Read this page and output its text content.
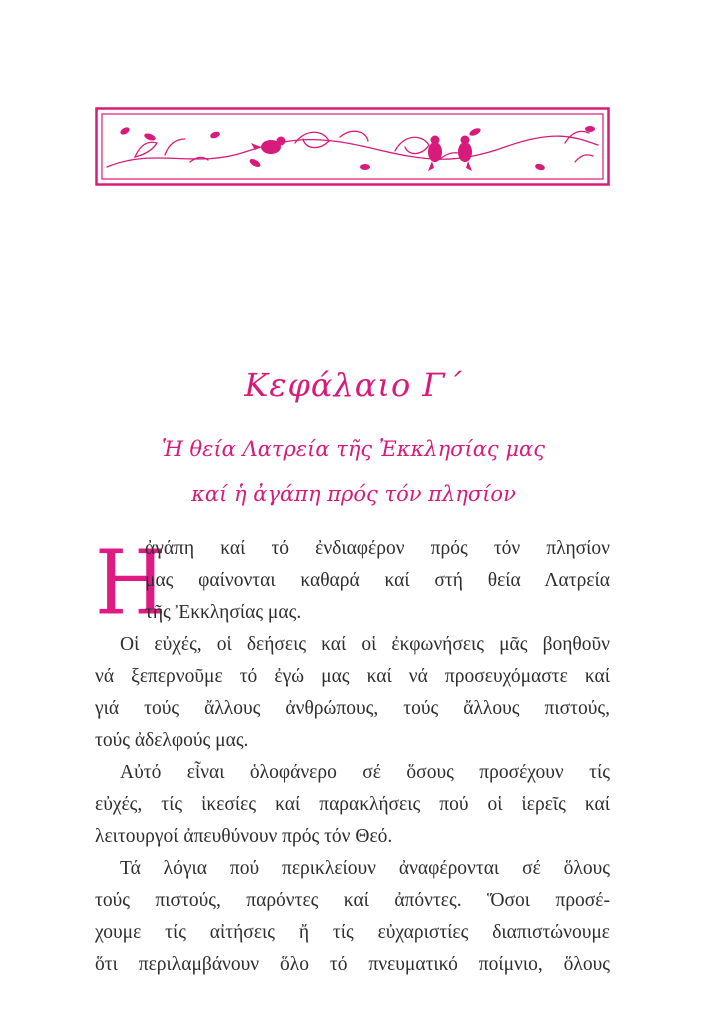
Κεφάλαιο Γ΄
Ἡ θεία Λατρεία τῆς Ἐκκλησίας μας
καί ἡ ἀγάπη πρός τόν πλησίον
Η
ἀγάπη καί τό ἐνδιαφέρον πρός τόν πλησίον
μας φαίνονται καθαρά καί στή θεία Λατρεία
τῆς Ἐκκλησίας μας.
Οἱ εὐχές, οἱ δεήσεις καί οἱ ἐκφωνήσεις μᾶς βοηθοῦν
νά ξεπερνοῦμε τό ἐγώ μας καί νά προσευχόμαστε καί
γιά τούς ἄλλους ἀνθρώπους, τούς ἄλλους πιστούς,
τούς ἀδελφούς μας.
Αὐτό εἶναι ὁλοφάνερο σέ ὅσους προσέχουν τίς
εὐχές, τίς ἱκεσίες καί παρακλήσεις πού οἱ ἱερεῖς καί
λειτουργοί ἀπευθύνουν πρός τόν Θεό.
Τά λόγια πού περικλείουν ἀναφέρονται σέ ὅλους
τούς πιστούς, παρόντες καί ἀπόντες. Ὅσοι προσέ-
χουμε τίς αἰτήσεις ἤ τίς εὐχαριστίες διαπιστώνουμε
ὅτι περιλαμβάνουν ὅλο τό πνευματικό ποίμνιο, ὅλους
